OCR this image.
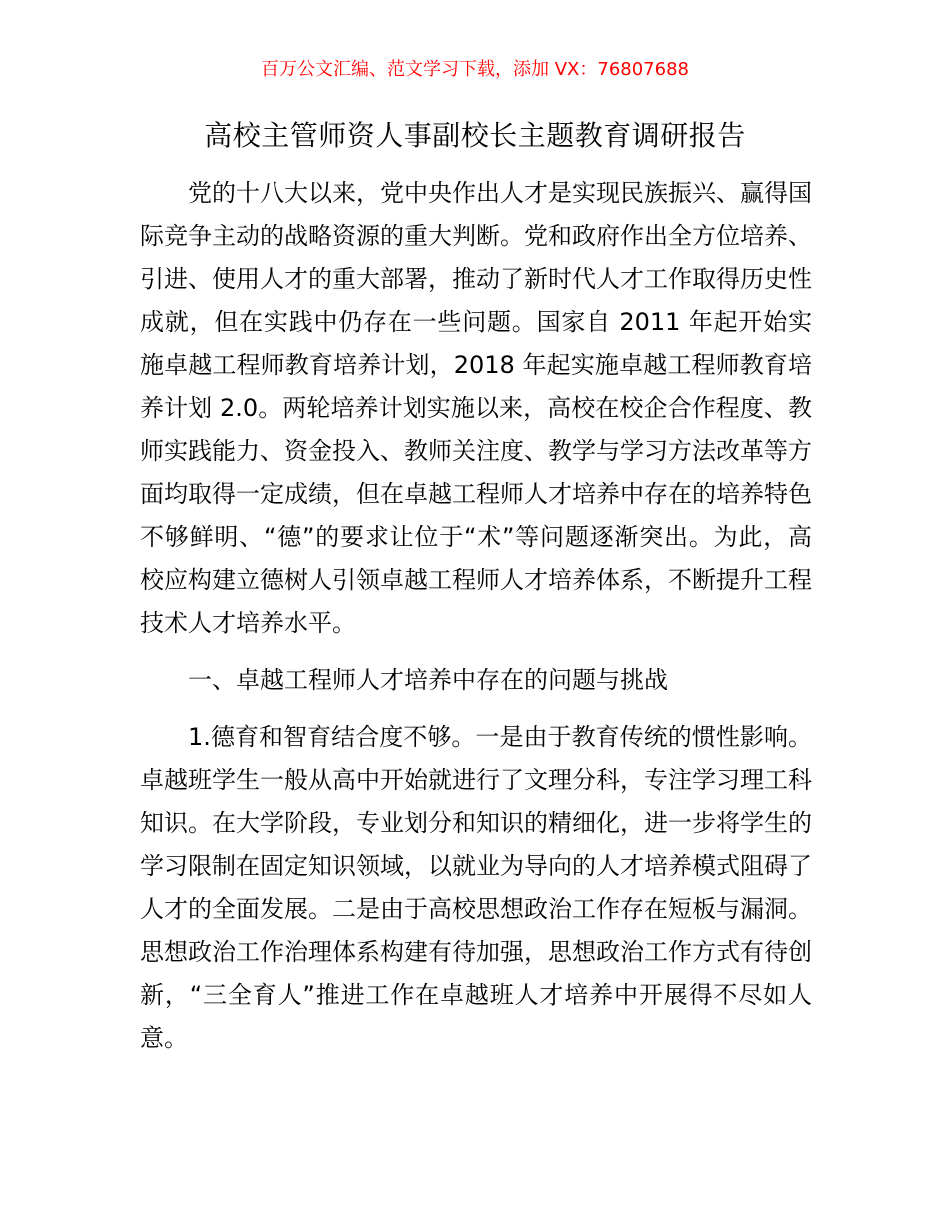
百万公文汇编、范文学习下载，添加 VX：76807688
高校主管师资人事副校长主题教育调研报告

党的十八大以来，党中央作出人才是实现民族振兴、赢得国际竞争主动的战略资源的重大判断。党和政府作出全方位培养、引进、使用人才的重大部署，推动了新时代人才工作取得历史性成就，但在实践中仍存在一些问题。国家自 2011 年起开始实施卓越工程师教育培养计划，2018 年起实施卓越工程师教育培养计划 2.0。两轮培养计划实施以来，高校在校企合作程度、教师实践能力、资金投入、教师关注度、教学与学习方法改革等方面均取得一定成绩，但在卓越工程师人才培养中存在的培养特色不够鲜明、“德”的要求让位于“术”等问题逐渐突出。为此，高校应构建立德树人引领卓越工程师人才培养体系，不断提升工程技术人才培养水平。

一、卓越工程师人才培养中存在的问题与挑战

1.德育和智育结合度不够。一是由于教育传统的惯性影响。卓越班学生一般从高中开始就进行了文理分科，专注学习理工科知识。在大学阶段，专业划分和知识的精细化，进一步将学生的学习限制在固定知识领域，以就业为导向的人才培养模式阻碍了人才的全面发展。二是由于高校思想政治工作存在短板与漏洞。思想政治工作治理体系构建有待加强，思想政治工作方式有待创新，“三全育人”推进工作在卓越班人才培养中开展得不尽如人意。
